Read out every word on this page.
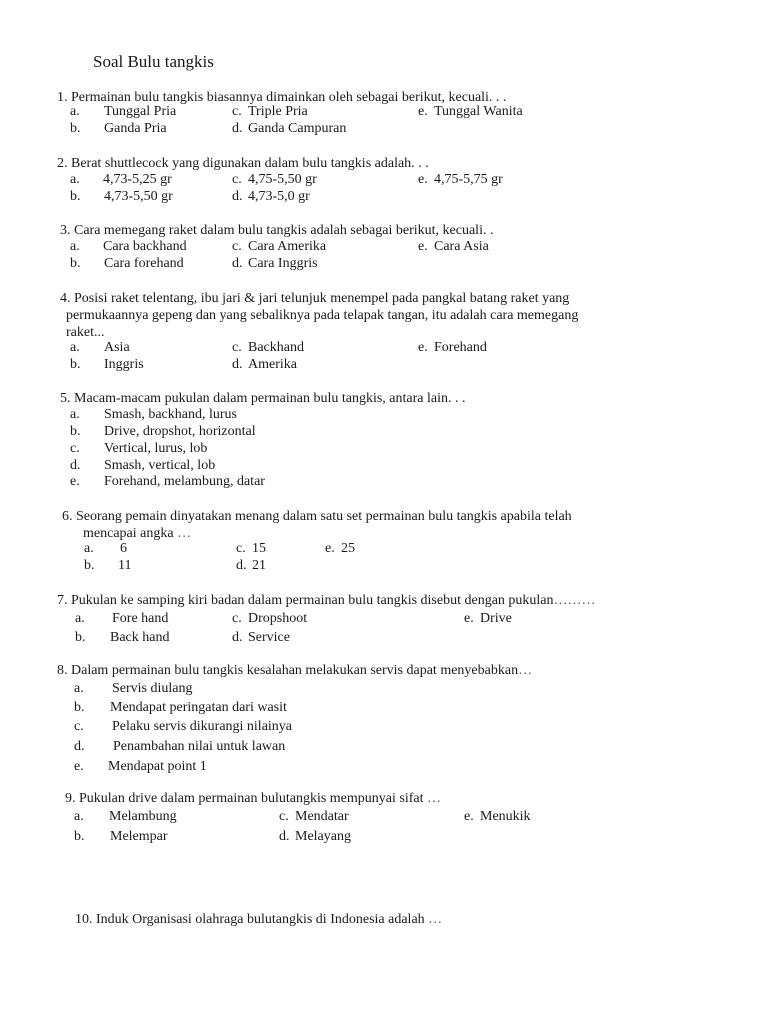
Soal Bulu tangkis
1. Permainan bulu tangkis biasannya dimainkan oleh sebagai berikut, kecuali. . .
a. Tunggal Pria	c. Triple Pria	e. Tunggal Wanita
b. Ganda Pria	d. Ganda Campuran
2. Berat shuttlecock yang digunakan dalam bulu tangkis adalah. . .
a. 4,73-5,25 gr	c. 4,75-5,50 gr	e. 4,75-5,75 gr
b. 4,73-5,50 gr	d. 4,73-5,0 gr
3. Cara memegang raket dalam bulu tangkis adalah sebagai berikut, kecuali. .
a. Cara backhand	c. Cara Amerika	e. Cara Asia
b. Cara forehand	d. Cara Inggris
4. Posisi raket telentang, ibu jari & jari telunjuk menempel pada pangkal batang raket yang
permukaannya gepeng dan yang sebaliknya pada telapak tangan, itu adalah cara memegang
raket...
a. Asia	c. Backhand	e. Forehand
b. Inggris	d. Amerika
5. Macam-macam pukulan dalam permainan bulu tangkis, antara lain. . .
a. Smash, backhand, lurus
b. Drive, dropshot, horizontal
c. Vertical, lurus, lob
d. Smash, vertical, lob
e. Forehand, melambung, datar
6. Seorang pemain dinyatakan menang dalam satu set permainan bulu tangkis apabila telah
mencapai angka …
a. 6	c. 15	e. 25
b. 11	d. 21
7. Pukulan ke samping kiri badan dalam permainan bulu tangkis disebut dengan pukulan………
a. Fore hand	c. Dropshoot	e. Drive
b. Back hand	d. Service
8. Dalam permainan bulu tangkis kesalahan melakukan servis dapat menyebabkan…
a. Servis diulang
b. Mendapat peringatan dari wasit
c. Pelaku servis dikurangi nilainya
d. Penambahan nilai untuk lawan
e. Mendapat point 1
9. Pukulan drive dalam permainan bulutangkis mempunyai sifat …
a. Melambung	c. Mendatar	e. Menukik
b. Melempar	d. Melayang
10. Induk Organisasi olahraga bulutangkis di Indonesia adalah …
